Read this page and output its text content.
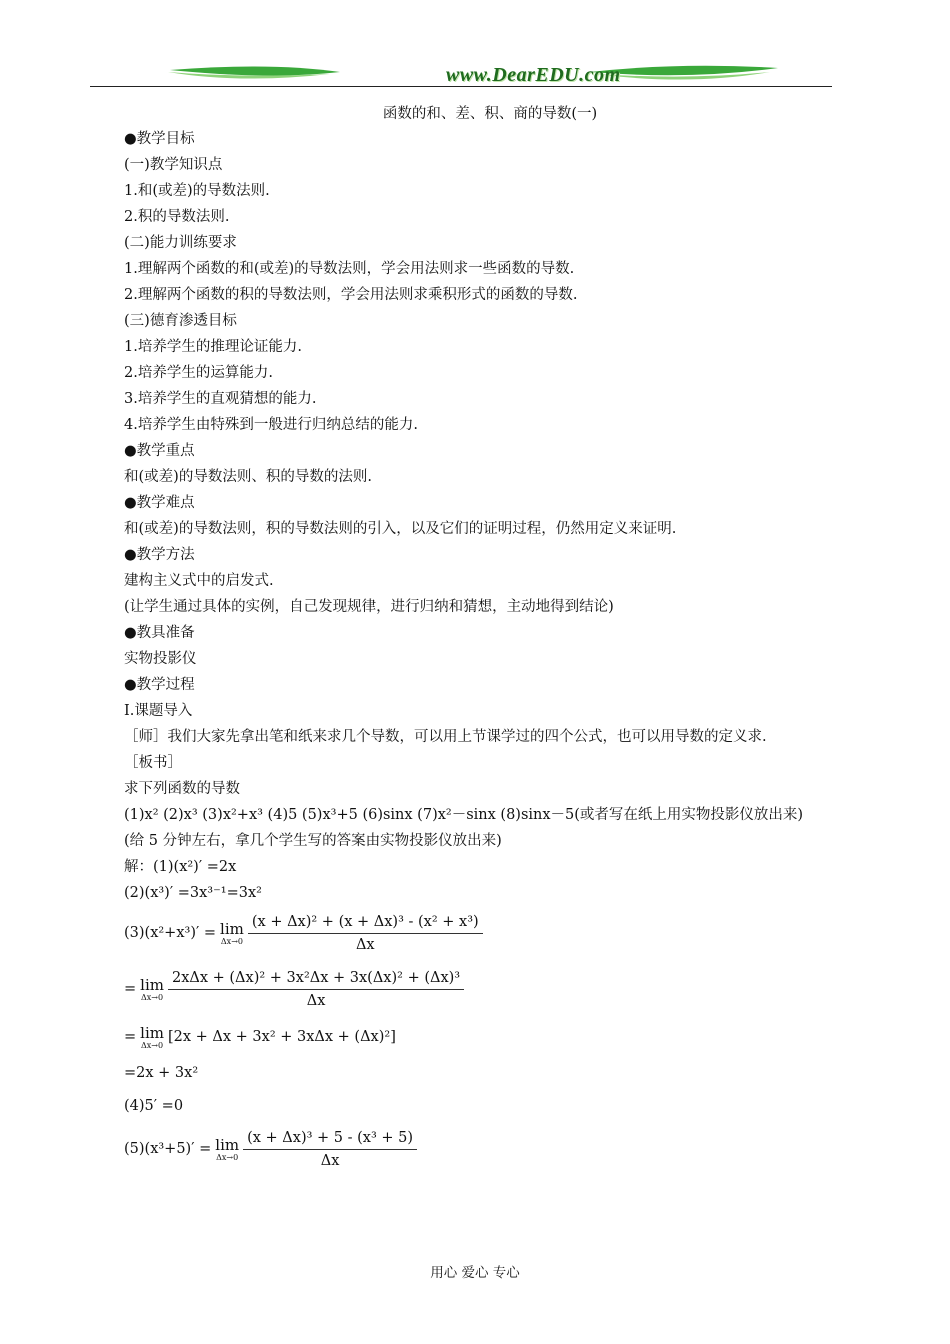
www.DearEDU.com
函数的和、差、积、商的导数(一)
●教学目标
(一)教学知识点
1.和(或差)的导数法则.
2.积的导数法则.
(二)能力训练要求
1.理解两个函数的和(或差)的导数法则，学会用法则求一些函数的导数.
2.理解两个函数的积的导数法则，学会用法则求乘积形式的函数的导数.
(三)德育渗透目标
1.培养学生的推理论证能力.
2.培养学生的运算能力.
3.培养学生的直观猜想的能力.
4.培养学生由特殊到一般进行归纳总结的能力.
●教学重点
和(或差)的导数法则、积的导数的法则.
●教学难点
和(或差)的导数法则，积的导数法则的引入，以及它们的证明过程，仍然用定义来证明.
●教学方法
建构主义式中的启发式.
(让学生通过具体的实例，自己发现规律，进行归纳和猜想，主动地得到结论)
●教具准备
实物投影仪
●教学过程
Ⅰ.课题导入
［师］我们大家先拿出笔和纸来求几个导数，可以用上节课学过的四个公式，也可以用导数的定义求.
［板书］
求下列函数的导数
(1)x² (2)x³ (3)x²+x³ (4)5 (5)x³+5 (6)sinx (7)x²－sinx (8)sinx－5(或者写在纸上用实物投影仪放出来)
(给 5 分钟左右，拿几个学生写的答案由实物投影仪放出来)
解：(1)(x²)′ =2x
(2)(x³)′ =3x³⁻¹=3x²
(3)(x²+x³)′ = lim
$\Delta x\to 0 \frac{\text{(x + Δx)² + (x + Δx)³ - (x² + x³)}}{\Delta x}$
= lim
$\Delta x\to 0 \frac{\text{2xΔx + (Δx)² + 3x²Δx + 3x(Δx)² + (Δx)³}}{\Delta x}$
= lim
Δx→0 [2x + Δx + 3x² + 3xΔx + (Δx)²]
=2x + 3x²
(4)5′ =0
(5)(x³+5)′ = lim
$\Delta x\to 0 \frac{\text{(x + Δx)³ + 5 - (x³ + 5)}}{\Delta x}$
用心 爱心 专心
